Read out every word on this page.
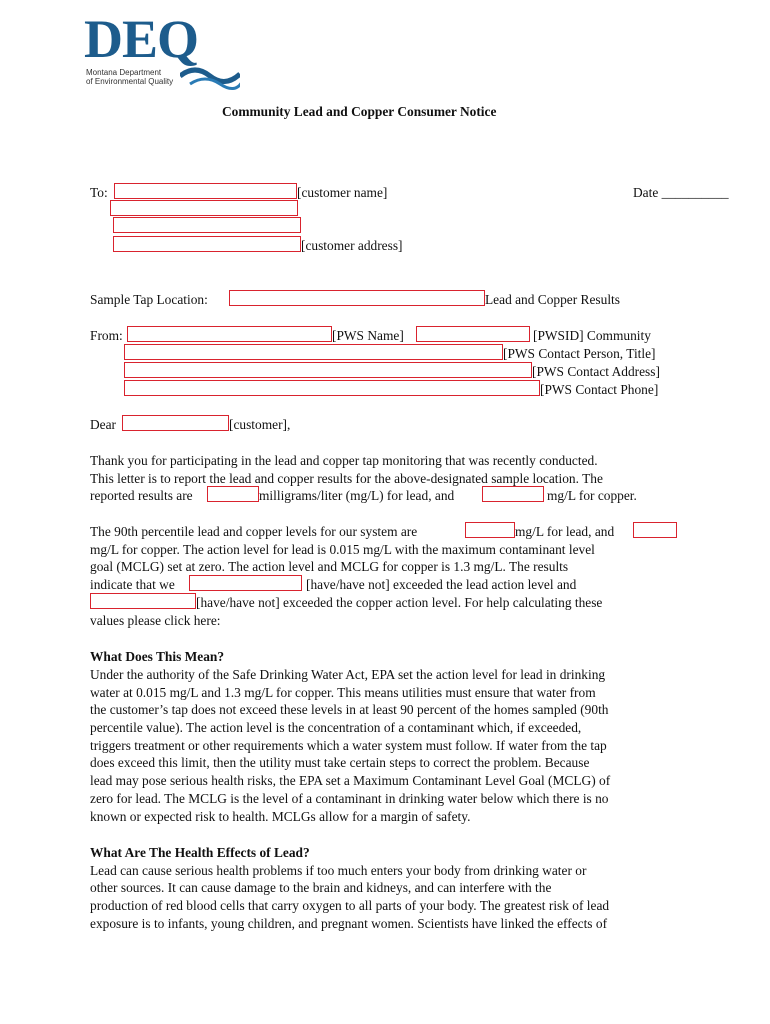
DEQ
Montana Department
of Environmental Quality
Community Lead and Copper Consumer Notice
To:	[customer name]	Date __________
[customer address]
Sample Tap Location:	Lead and Copper Results
From:	[PWS Name]	[PWSID] Community
[PWS Contact Person, Title]
[PWS Contact Address]
[PWS Contact Phone]
Dear	[customer],
Thank you for participating in the lead and copper tap monitoring that was recently conducted.
This letter is to report the lead and copper results for the above-designated sample location. The
reported results are	milligrams/liter (mg/L) for lead, and	mg/L for copper.
The 90th percentile lead and copper levels for our system are	mg/L for lead, and
mg/L for copper. The action level for lead is 0.015 mg/L with the maximum contaminant level
goal (MCLG) set at zero. The action level and MCLG for copper is 1.3 mg/L. The results
indicate that we	[have/have not] exceeded the lead action level and
[have/have not] exceeded the copper action level. For help calculating these
values please click here:
What Does This Mean?
Under the authority of the Safe Drinking Water Act, EPA set the action level for lead in drinking
water at 0.015 mg/L and 1.3 mg/L for copper. This means utilities must ensure that water from
the customer’s tap does not exceed these levels in at least 90 percent of the homes sampled (90th
percentile value). The action level is the concentration of a contaminant which, if exceeded,
triggers treatment or other requirements which a water system must follow. If water from the tap
does exceed this limit, then the utility must take certain steps to correct the problem. Because
lead may pose serious health risks, the EPA set a Maximum Contaminant Level Goal (MCLG) of
zero for lead. The MCLG is the level of a contaminant in drinking water below which there is no
known or expected risk to health. MCLGs allow for a margin of safety.
What Are The Health Effects of Lead?
Lead can cause serious health problems if too much enters your body from drinking water or
other sources. It can cause damage to the brain and kidneys, and can interfere with the
production of red blood cells that carry oxygen to all parts of your body. The greatest risk of lead
exposure is to infants, young children, and pregnant women. Scientists have linked the effects of
